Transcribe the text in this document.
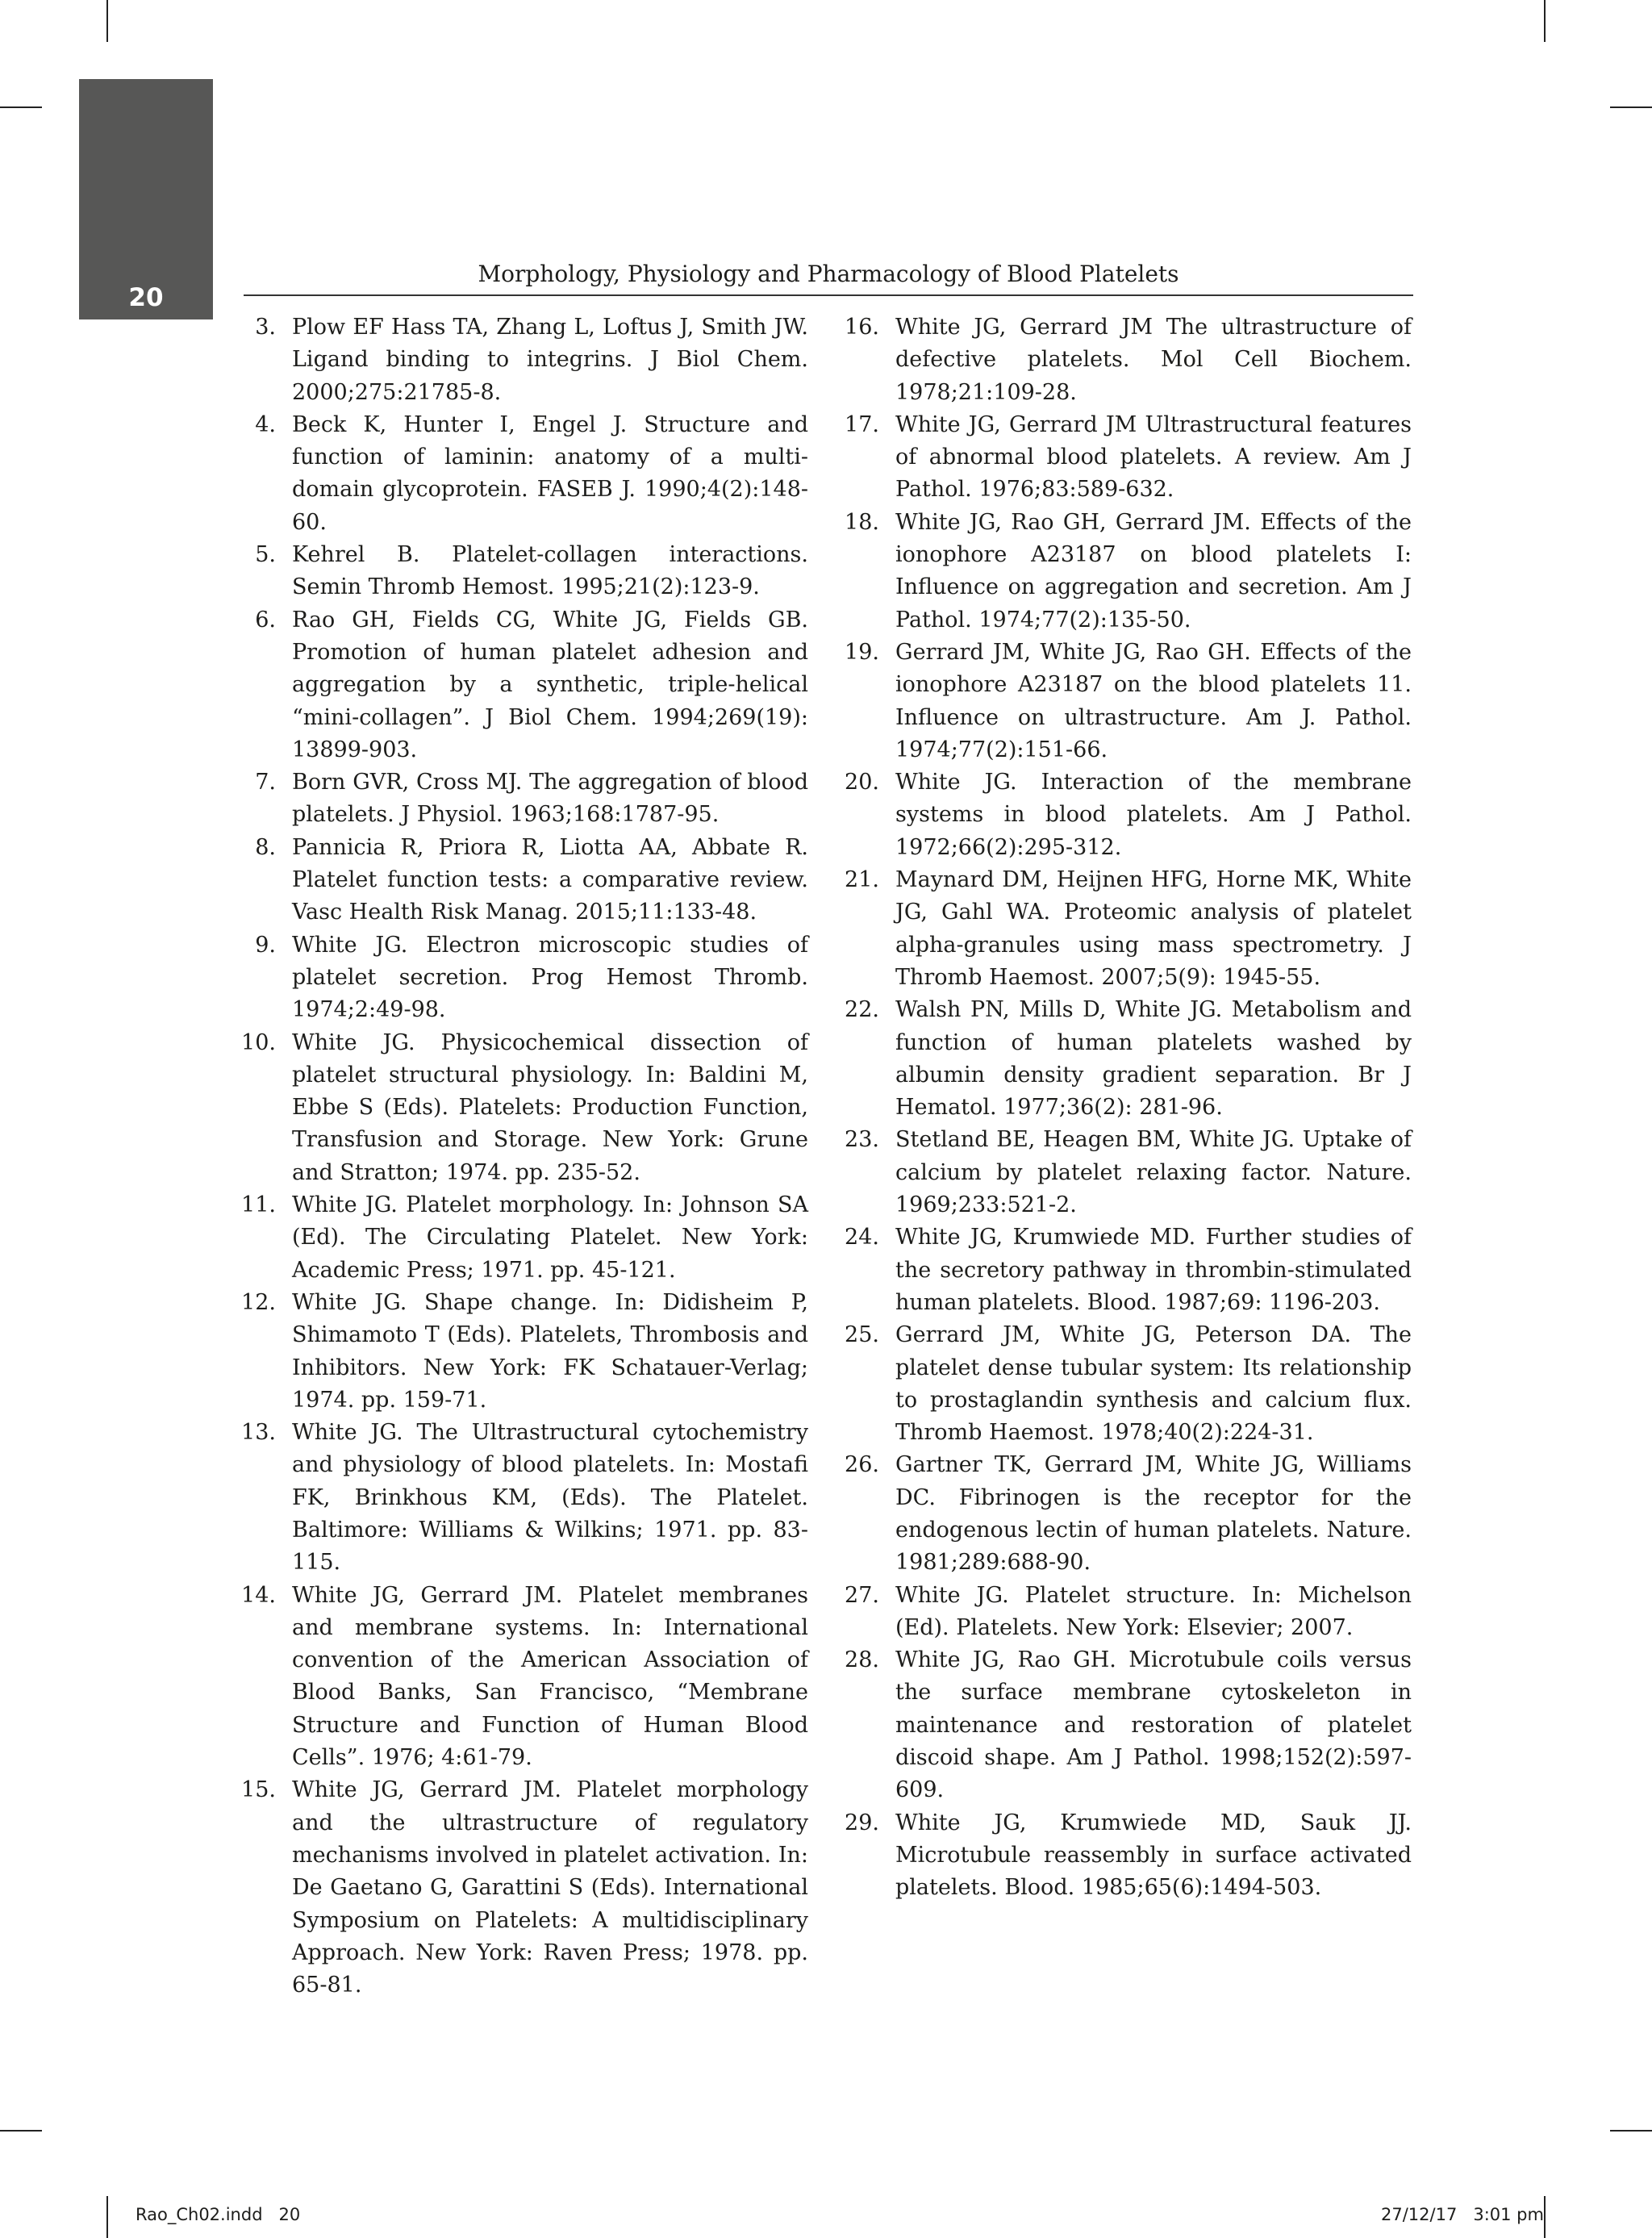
20
Morphology, Physiology and Pharmacology of Blood Platelets
3. Plow EF Hass TA, Zhang L, Loftus J, Smith JW. Ligand binding to integrins. J Biol Chem. 2000;275:21785-8.
4. Beck K, Hunter I, Engel J. Structure and function of laminin: anatomy of a multi-domain glycoprotein. FASEB J. 1990;4(2):148-60.
5. Kehrel B. Platelet-collagen interactions. Semin Thromb Hemost. 1995;21(2):123-9.
6. Rao GH, Fields CG, White JG, Fields GB. Promotion of human platelet adhesion and aggregation by a synthetic, triple-helical “mini-collagen”. J Biol Chem. 1994;269(19): 13899-903.
7. Born GVR, Cross MJ. The aggregation of blood platelets. J Physiol. 1963;168:1787-95.
8. Pannicia R, Priora R, Liotta AA, Abbate R. Platelet function tests: a comparative review. Vasc Health Risk Manag. 2015;11:133-48.
9. White JG. Electron microscopic studies of platelet secretion. Prog Hemost Thromb. 1974;2:49-98.
10. White JG. Physicochemical dissection of platelet structural physiology. In: Baldini M, Ebbe S (Eds). Platelets: Production Function, Transfusion and Storage. New York: Grune and Stratton; 1974. pp. 235-52.
11. White JG. Platelet morphology. In: Johnson SA (Ed). The Circulating Platelet. New York: Academic Press; 1971. pp. 45-121.
12. White JG. Shape change. In: Didisheim P, Shimamoto T (Eds). Platelets, Thrombosis and Inhibitors. New York: FK Schatauer-Verlag; 1974. pp. 159-71.
13. White JG. The Ultrastructural cytochemistry and physiology of blood platelets. In: Mostafi FK, Brinkhous KM, (Eds). The Platelet. Baltimore: Williams & Wilkins; 1971. pp. 83-115.
14. White JG, Gerrard JM. Platelet membranes and membrane systems. In: International convention of the American Association of Blood Banks, San Francisco, “Membrane Structure and Function of Human Blood Cells”. 1976; 4:61-79.
15. White JG, Gerrard JM. Platelet morphology and the ultrastructure of regulatory mechanisms involved in platelet activation. In: De Gaetano G, Garattini S (Eds). International Symposium on Platelets: A multidisciplinary Approach. New York: Raven Press; 1978. pp. 65-81.
16. White JG, Gerrard JM The ultrastructure of defective platelets. Mol Cell Biochem. 1978;21:109-28.
17. White JG, Gerrard JM Ultrastructural features of abnormal blood platelets. A review. Am J Pathol. 1976;83:589-632.
18. White JG, Rao GH, Gerrard JM. Effects of the ionophore A23187 on blood platelets I: Influence on aggregation and secretion. Am J Pathol. 1974;77(2):135-50.
19. Gerrard JM, White JG, Rao GH. Effects of the ionophore A23187 on the blood platelets 11. Influence on ultrastructure. Am J. Pathol. 1974;77(2):151-66.
20. White JG. Interaction of the membrane systems in blood platelets. Am J Pathol. 1972;66(2):295-312.
21. Maynard DM, Heijnen HFG, Horne MK, White JG, Gahl WA. Proteomic analysis of platelet alpha-granules using mass spectrometry. J Thromb Haemost. 2007;5(9): 1945-55.
22. Walsh PN, Mills D, White JG. Metabolism and function of human platelets washed by albumin density gradient separation. Br J Hematol. 1977;36(2): 281-96.
23. Stetland BE, Heagen BM, White JG. Uptake of calcium by platelet relaxing factor. Nature. 1969;233:521-2.
24. White JG, Krumwiede MD. Further studies of the secretory pathway in thrombin-stimulated human platelets. Blood. 1987;69: 1196-203.
25. Gerrard JM, White JG, Peterson DA. The platelet dense tubular system: Its relationship to prostaglandin synthesis and calcium flux. Thromb Haemost. 1978;40(2):224-31.
26. Gartner TK, Gerrard JM, White JG, Williams DC. Fibrinogen is the receptor for the endogenous lectin of human platelets. Nature. 1981;289:688-90.
27. White JG. Platelet structure. In: Michelson (Ed). Platelets. New York: Elsevier; 2007.
28. White JG, Rao GH. Microtubule coils versus the surface membrane cytoskeleton in maintenance and restoration of platelet discoid shape. Am J Pathol. 1998;152(2):597-609.
29. White JG, Krumwiede MD, Sauk JJ. Microtubule reassembly in surface activated platelets. Blood. 1985;65(6):1494-503.
Rao_Ch02.indd   20	27/12/17   3:01 pm
